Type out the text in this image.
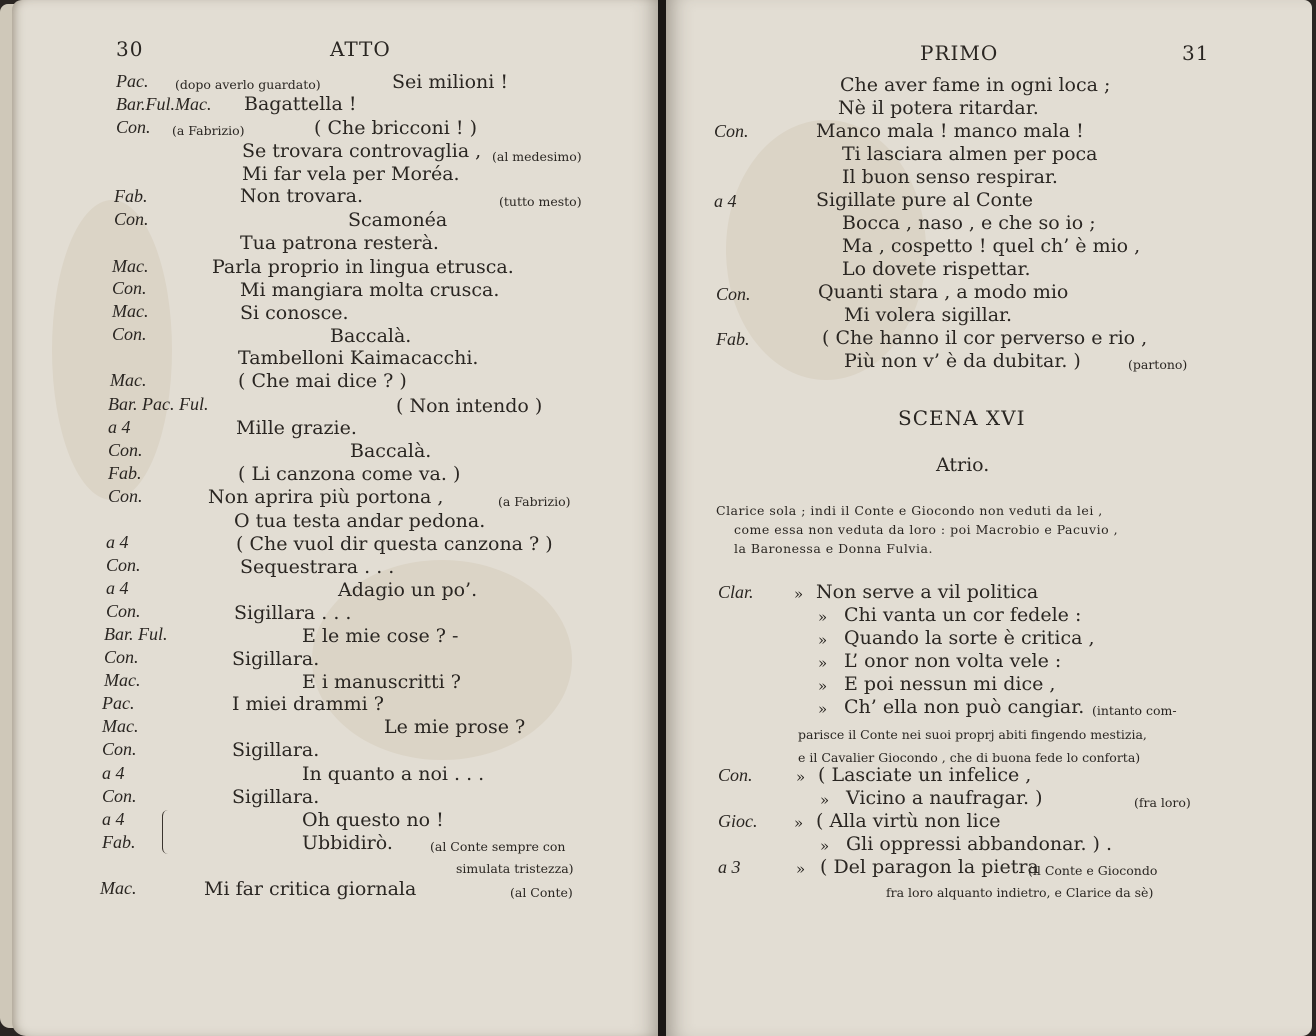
30	ATTO
Pac. (dopo averlo guardato)	Sei milioni !
Bar.Ful.Mac. Bagattella !
Con. (a Fabrizio)	( Che bricconi ! )
Se trovara controvaglia , (al medesimo)
Mi far vela per Moréa.
Fab.	Non trovara.	(tutto mesto)
Con.	Scamonéa
Tua patrona resterà.
Mac.	Parla proprio in lingua etrusca.
Con.	Mi mangiara molta crusca.
Mac.	Si conosce.
Con.	Baccalà.
Tambelloni Kaimacacchi.
Mac.	( Che mai dice ? )
Bar. Pac. Ful.	( Non intendo )
a 4	Mille grazie.
Con.	Baccalà.
Fab.	( Li canzona come va. )
Con.	Non aprira più portona ,	(a Fabrizio)
O tua testa andar pedona.
a 4	( Che vuol dir questa canzona ? )
Con.	Sequestrara . . .
a 4	Adagio un po’.
Con.	Sigillara . . .
Bar. Ful.	E le mie cose ? -
Con.	Sigillara.
Mac.	E i manuscritti ?
Pac.	I miei drammi ?
Mac.	Le mie prose ?
Con.	Sigillara.
a 4	In quanto a noi . . .
Con.	Sigillara.
a 4	Oh questo no !
Fab.	Ubbidirò.	(al Conte sempre con
simulata tristezza)
Mac.	Mi far critica giornala	(al Conte)
PRIMO	31
Che aver fame in ogni loca ;
Nè il potera ritardar.
Con.	Manco mala ! manco mala !
Ti lasciara almen per poca
Il buon senso respirar.
a 4	Sigillate pure al Conte
Bocca , naso , e che so io ;
Ma , cospetto ! quel ch’ è mio ,
Lo dovete rispettar.
Con.	Quanti stara , a modo mio
Mi volera sigillar.
Fab.	( Che hanno il cor perverso e rio ,
Più non v’ è da dubitar. )	(partono)
SCENA XVI
Atrio.
Clarice sola ; indi il Conte e Giocondo non veduti da lei ,
come essa non veduta da loro : poi Macrobio e Pacuvio ,
la Baronessa e Donna Fulvia.
Clar.	» Non serve a vil politica
» Chi vanta un cor fedele :
» Quando la sorte è critica ,
» L’ onor non volta vele :
» E poi nessun mi dice ,
» Ch’ ella non può cangiar. (intanto com-
parisce il Conte nei suoi proprj abiti fingendo mestizia,
e il Cavalier Giocondo , che di buona fede lo conforta)
Con.	» ( Lasciate un infelice ,
» Vicino a naufragar. )	(fra loro)
Gioc. » ( Alla virtù non lice
» Gli oppressi abbandonar. ) .
a 3	» ( Del paragon la pietra
(il Conte e Giocondo
fra loro alquanto indietro, e Clarice da sè)
